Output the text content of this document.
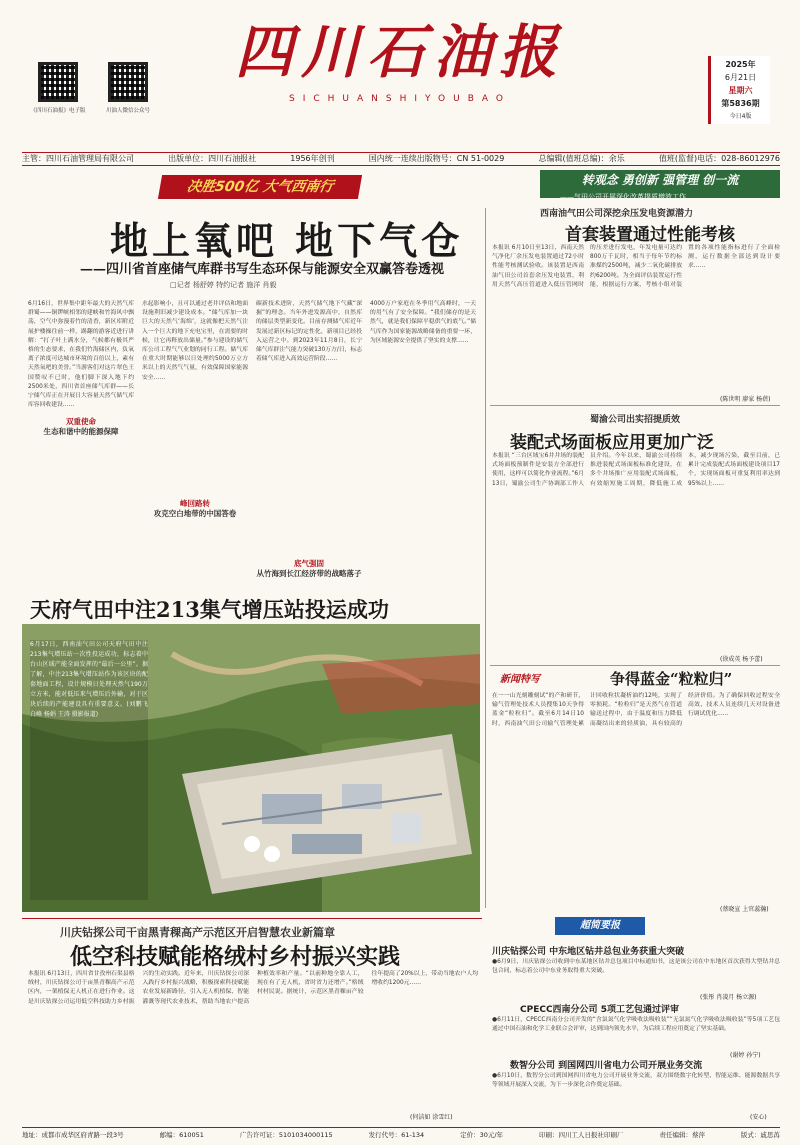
《四川石油报》电子版	川油人微信公众号
四川石油报
SICHUANSHIYOUBAO
2025年
6月21日
星期六
第5836期
今日4版
主管：四川石油管理局有限公司	出版单位：四川石油报社	1956年创刊	国内统一连续出版物号：CN 51-0029	总编辑(值班总编)：余乐	值班(监督)电话：028-86012976
决胜500亿 大气西南行	转观念 勇创新 强管理 创一流
——气田公司开展深化改革提质增效工作
地上氧吧 地下气仓
——四川省首座储气库群书写生态环保与能源安全双赢答卷透视
□记者 杨舒婷 特约记者 施洋 肖毅
6月16日，世界集中距年最大的天然气库群蜀——铜锣峡相邻的建峡和竹海风中飘荡，空气中弥漫着竹的清香，新区库附近展护楼操往前一样，踢翻的游客近进行讲解：“打子叶上满水分，气候都有极其严格的生态要求，在我们竹海储区内，负氧离子浓度可达城市环境的百倍以上，素有天然氧吧的美誉。”当游客们对这片翠色王国赞叹不已时，他们脚下深入地下约2500米处，四川省首座储气库群——长宁储气库正在开展日大容量天然气储气库库容回收建设……
双重使命
生态和谐中的能源保障
水起影响小，且可以通过老井评估和地面设施利旧减少建设成本。“储气库加一块巨大的天然气‘海绵’，这就像把天然气注入一个巨大的地下充电宝里，在需要的时候，让它再释放出储量。”参与建设的储气库公司工程气气业划的同行工程。储气库在重大时期能够以日处理约5000万立方米以上的天然气气量，有效保障国家能源安全……
峰回路转
攻克空白地带的中国答卷
碳新技术进阶，天然气储气地下气藏“深掘”的理念。当年外进发源高中，自然库的储层类型新变化。目前存测储气库近年发展过新区标记的定性化，新项目已经投入运营之中。到2023年11月8日，长宁储气库群注气能力突破130万方/日，标志着储气库进入高效运营阶段……
底气强固
从竹海到长江经济带的战略落子
4000万户家庭在冬季用气高峰时，一天的用气有了安全保障。“我们储存的是天然气，就是我们保障平稳供气的底气。”储气库作为国家能源战略储备的重要一环，为区域能源安全提供了坚实的支撑……
西南油气田公司深挖余压发电资源潜力
首套装置通过性能考核
本报讯 6月10日至13日，西南天然气净化厂余压发电装置通过72小时性能考核测试验收。该装置是西南油气田公司首套余压发电装置，利用天然气高压管道进入低压管网时的压差进行发电，年发电量可达约800万千瓦时，相当于每年节约标准煤约2500吨，减少二氧化碳排放约6200吨。为全面评估装置运行性能，根据运行方案，考核小组对装置的各项性能指标进行了全面检测，运行数据全部达到设计要求……
(陈世明 廖家 杨蓓)
蜀渝公司出实招提质效
装配式场面板应用更加广泛
本报讯 “三台区域宝6井井场的装配式场面板预制件是安装方全部进行使用，这样可以简化作业流程。”6月13日，蜀渝公司生产协调部工作人员介绍。今年以来，蜀渝公司持续推进装配式场面板标准化建设，在多个井场推广应用装配式场面板，有效缩短施工周期，降低施工成本，减少现场污染，截至目前，已累计完成装配式场面板建设项目17个，实现场面板可重复利用率达到95%以上……
(徐成英 杨予蕾)
新闻特写	争得蓝金“粒粒归”
在一一山光刻雕刻试“的产和研节，输气管理处技术人员搜集10天争得蓝金“粒粒归”。截至6月14日10时，西南油气田公司输气管理处累计回收粒状凝析油约12吨，实现了零损耗。“粒粒归”是天然气在管道输送过程中，由于温度和压力降低而凝结出来的轻质油，具有较高的经济价值。为了确保回收过程安全高效，技术人员连续几天对设备进行调试优化……
(蔡晓宣 上官蕊瀚)
天府气田中注213集气增压站投运成功
6月17日，西南油气田公司天府气田中注213集气增压站一次性投运成功，标志着中台山区域产能全面发挥的“最后一公里”。据了解，中注213集气增压站作为该区块的配套地面工程，设计规模日处理天然气190万立方米，能对低压来气增压后外输，对于区块后续的产能建设具有重要意义。(刘鹏飞 白峰 杨娟 王涛 摄影报道)
川庆钻探公司干亩黑青稞高产示范区开启智慧农业新篇章
低空科技赋能格绒村乡村振兴实践
本报讯 6月13日，四川省甘孜州石渠县格绒村，川庆钻探公司干亩黑青稞高产示范区内，一架植保无人机正在进行作业。这是川庆钻探公司运用低空科技助力乡村振兴的生动实践。近年来，川庆钻探公司深入践行乡村振兴战略，积极探索科技赋能农业发展新路径，引入无人机植保、智能灌溉等现代农业技术，帮助当地农户提高种植效率和产量。“以前种地全靠人工，现在有了无人机，省时省力还增产。”格绒村村民说。据统计，示范区黑青稞亩产较往年提高了20%以上，带动当地农户人均增收约1200元……
(何洁如 涂雪红)
超简要报
川庆钻探公司 中东地区钻井总包业务获重大突破
●6月9日，川庆钻探公司收到中东某地区钻井总包项目中标通知书，这是该公司在中东地区首次获得大型钻井总包合同，标志着公司中东业务取得重大突破。
(张彤 肖凌月 杨立源)
CPECC西南分公司 5项工艺包通过评审
●6月11日，CPECC西南分公司开发的“含氯氮气化学吸收法吸收装”“无氯氮气化学吸收法吸收装”等5项工艺包通过中国石油和化学工业联合会评审，达到国内领先水平，为后续工程应用奠定了坚实基础。
(谢婷 孙宁)
数智分公司 到国网四川省电力公司开展业务交流
●6月10日，数智分公司到国网四川省电力公司开展业务交流，双方围绕数字化转型、智能运维、能源数据共享等领域开展深入交流，为下一步深化合作奠定基础。
(安心)
地址：成都市成华区府青路一段3号	邮编：610051	广告许可证：5101034000115	发行代号：61-134	定价：30元/年	印刷：四川工人日报社印刷厂	责任编辑：蔡萍	版式：戚思苒
